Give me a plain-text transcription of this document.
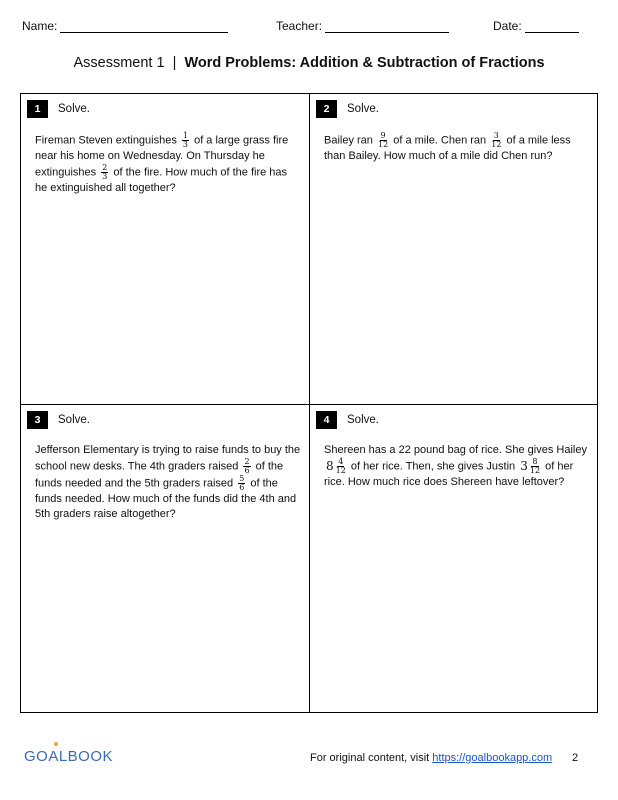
Name:	Teacher:	Date:
Assessment 1 | Word Problems: Addition & Subtraction of Fractions
1	Solve.
Fireman Steven extinguishes $\frac{1}{3}$ of a large grass fire near his home on Wednesday. On Thursday he extinguishes $\frac{2}{3}$ of the fire. How much of the fire has he extinguished all together?
2	Solve.
Bailey ran $\frac{9}{12}$ of a mile. Chen ran $\frac{3}{12}$ of a mile less than Bailey. How much of a mile did Chen run?
3	Solve.
Jefferson Elementary is trying to raise funds to buy the school new desks. The 4th graders raised $\frac{2}{6}$ of the funds needed and the 5th graders raised $\frac{5}{6}$ of the funds needed. How much of the funds did the 4th and 5th graders raise altogether?
4	Solve.
Shereen has a 22 pound bag of rice. She gives Hailey $8 \frac{4}{12}$ of her rice. Then, she gives Justin $3 \frac{8}{12}$ of her rice. How much rice does Shereen have leftover?
GOALBOOK	For original content, visit https://goalbookapp.com 2
